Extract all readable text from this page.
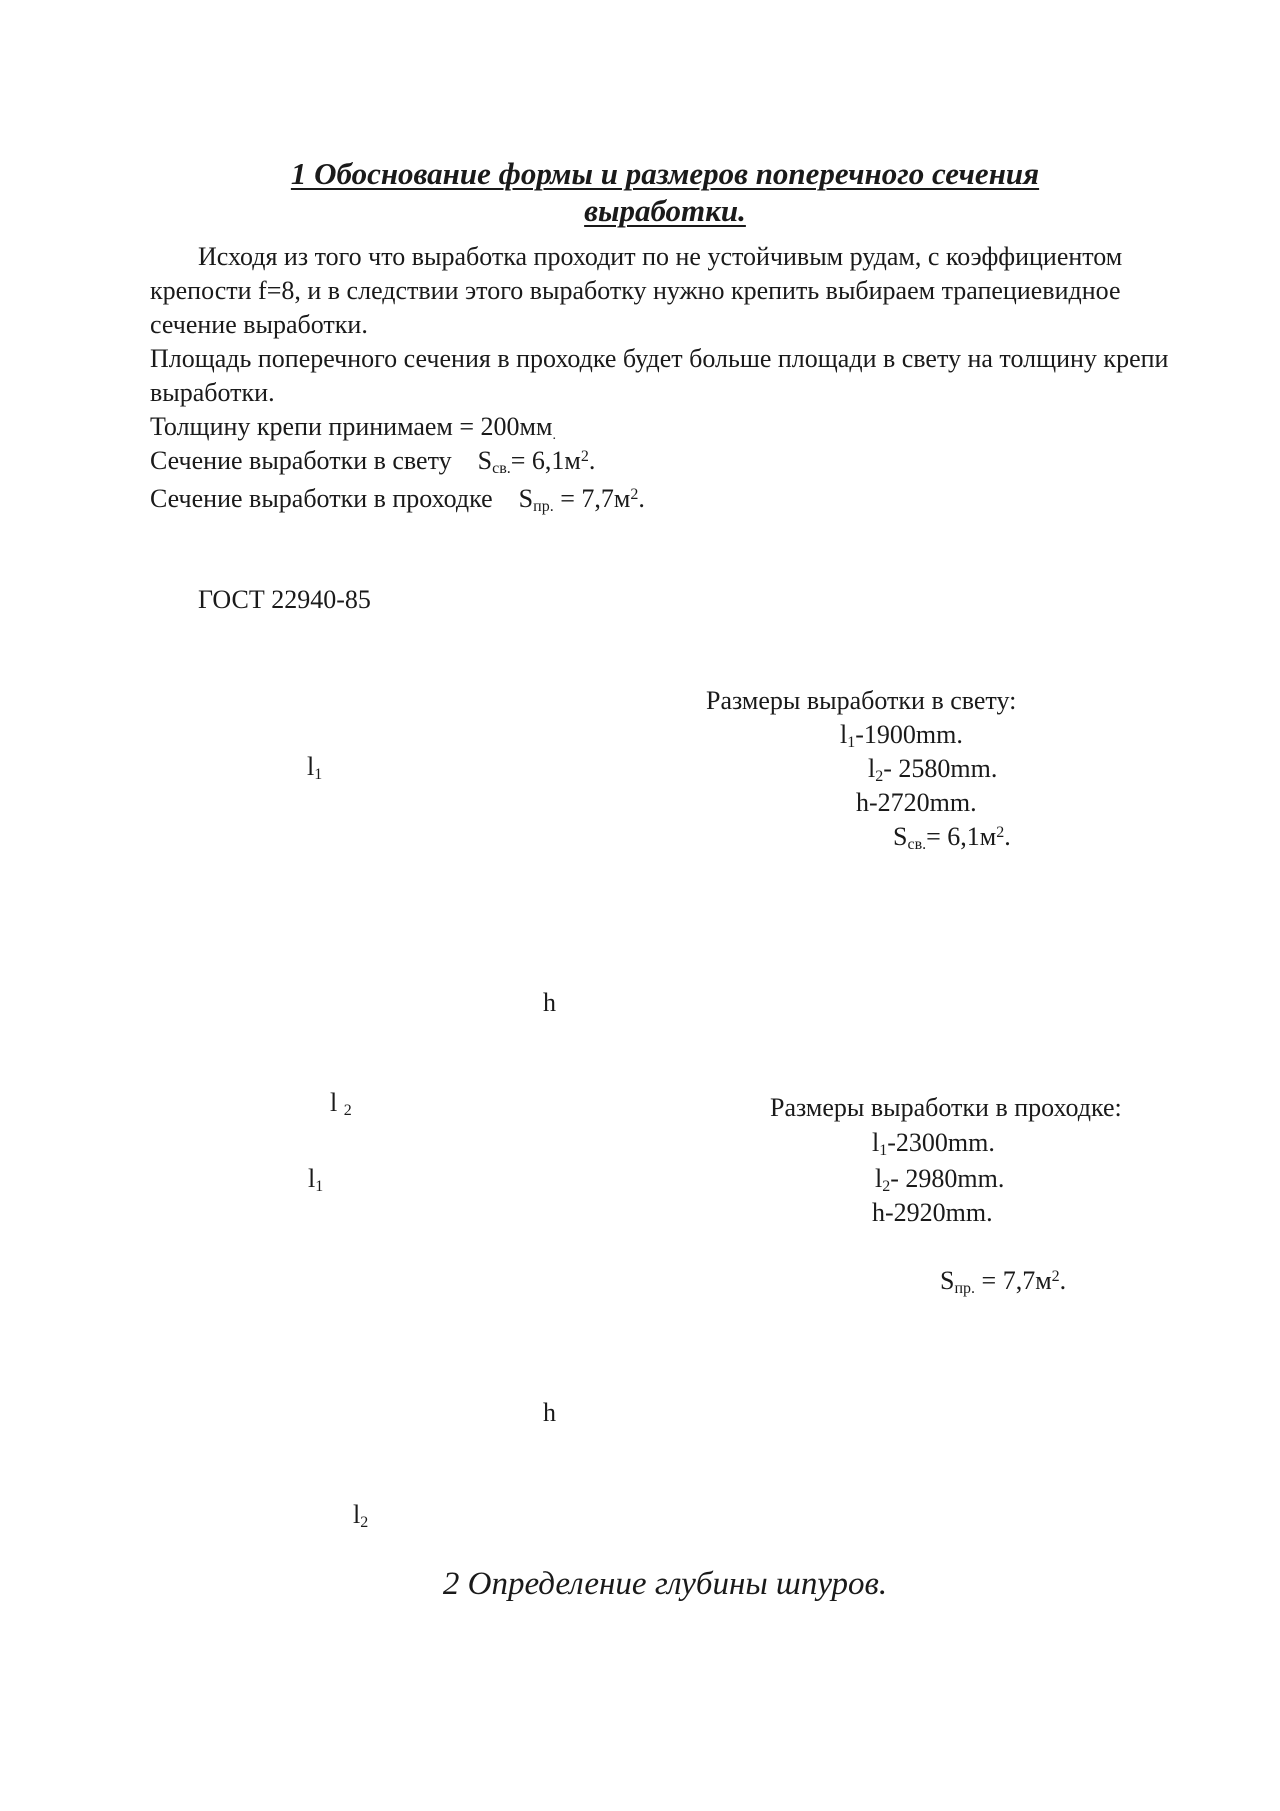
1 Обоснование формы и размеров поперечного сечения
выработки.
Исходя из того что выработка проходит по не устойчивым рудам, с коэффициентом крепости f=8, и в следствии этого выработку нужно крепить выбираем трапециевидное сечение выработки.
Площадь поперечного сечения в проходке будет больше площади в свету на толщину крепи выработки.
Толщину крепи принимаем = 200мм.
Сечение выработки в свету $S_{св.}= 6,1м^2$.
Сечение выработки в проходке $S_{пр.} = 7,7м^2$.
ГОСТ 22940-85
Размеры выработки в свету:
$l_1-1900mm$.
$l_2-$ 2580mm.
h-2720mm.
$S_{св.}= 6,1м^2$.
$l_1$
h
l $_2$	Размеры выработки в проходке:
$l_1-2300mm$.
$l_2-$ 2980mm.
h-2920mm.
$S_{пр.} = 7,7м^2$.
$l_1$
h
$l_2$
2 Определение глубины шпуров.
